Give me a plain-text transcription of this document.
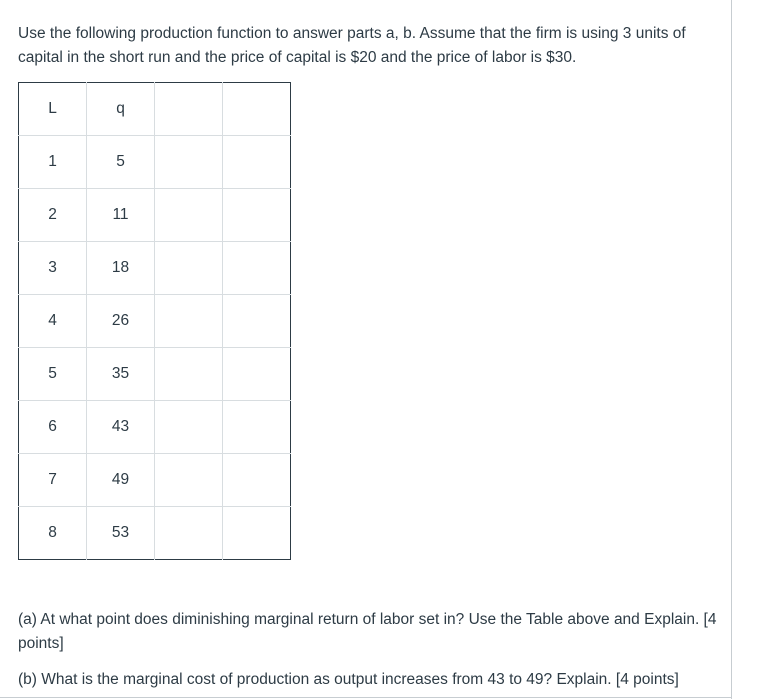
Use the following production function to answer parts a, b. Assume that the firm is using 3 units of capital in the short run and the price of capital is $20 and the price of labor is $30.

L	q		
1	5		
2	11		
3	18		
4	26		
5	35		
6	43		
7	49		
8	53		

(a) At what point does diminishing marginal return of labor set in? Use the Table above and Explain. [4 points]

(b) What is the marginal cost of production as output increases from 43 to 49? Explain. [4 points]
